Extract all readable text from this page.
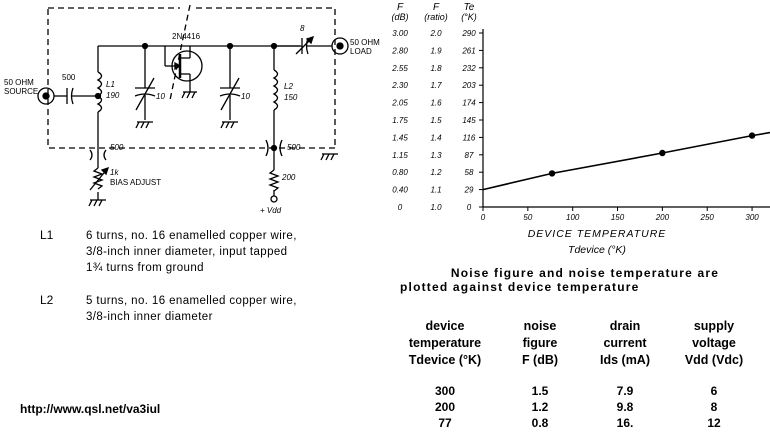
50 OHM
SOURCE
500
L1
190
2N4416
10	10
L2
150
8
50 OHM
LOAD
500	500
1k
BIAS ADJUST
200
+ Vdd
L1	6 turns, no. 16 enamelled copper wire,
3/8-inch inner diameter, input tapped
1¾ turns from ground
L2	5 turns, no. 16 enamelled copper wire,
3/8-inch inner diameter
http://www.qsl.net/va3iul
F
(dB)
F
(ratio)
Te
(°K)
3.00	2.0	290
2.80	1.9	261
2.55	1.8	232
2.30	1.7	203
2.05	1.6	174
1.75	1.5	145
1.45	1.4	116
1.15	1.3	87
0.80	1.2	58
0.40	1.1	29
0	1.0	0
0	50	100	150	200	250	300
DEVICE TEMPERATURE
Tdevice (°K)
Noise figure and noise temperature are
plotted against device temperature
device
temperature
Tdevice (°K)
noise
figure
F (dB)
drain
current
Ids (mA)
supply
voltage
Vdd (Vdc)
300	1.5	7.9	6
200	1.2	9.8	8
77	0.8	16.	12
